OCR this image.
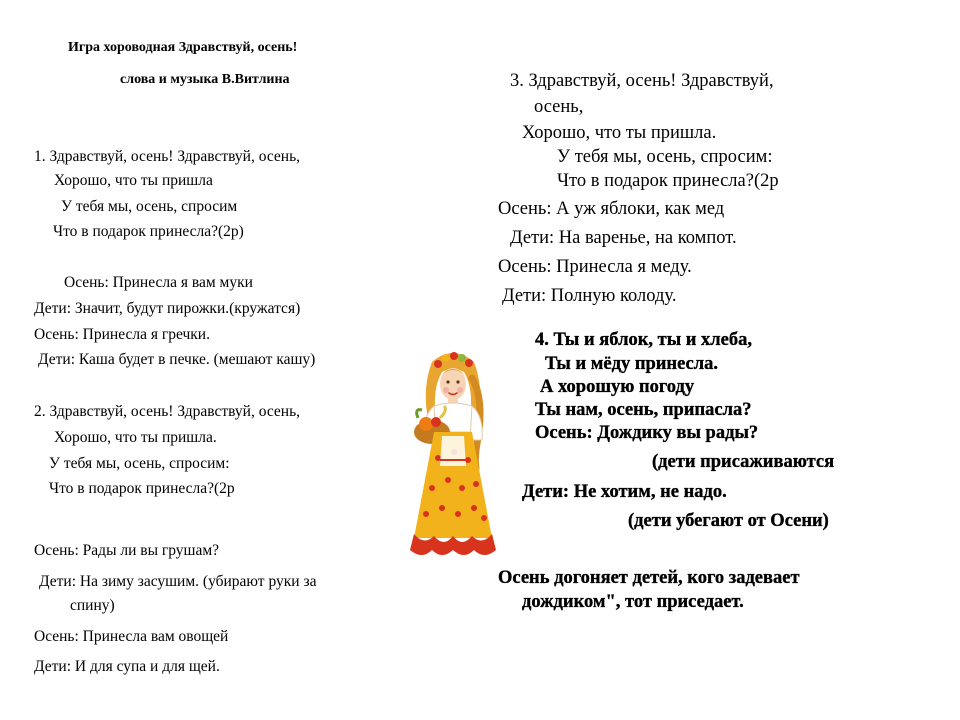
Игра хороводная Здравствуй, осень!
слова и музыка В.Витлина
1. Здравствуй, осень! Здравствуй, осень,
Хорошо, что ты пришла
У тебя мы, осень, спросим
Что в подарок принесла?(2р)
Осень: Принесла я вам муки
Дети: Значит, будут пирожки.(кружатся)
Осень: Принесла я гречки.
Дети: Каша будет в печке. (мешают кашу)
2. Здравствуй, осень! Здравствуй, осень,
Хорошо, что ты пришла.
У тебя мы, осень, спросим:
Что в подарок принесла?(2р
Осень: Рады ли вы грушам?
Дети: На зиму засушим. (убирают руки за
спину)
Осень: Принесла вам овощей
Дети: И для супа и для щей.
3. Здравствуй, осень! Здравствуй,
осень,
Хорошо, что ты пришла.
У тебя мы, осень, спросим:
Что в подарок принесла?(2р
Осень: А уж яблоки, как мед
Дети: На варенье, на компот.
Осень: Принесла я меду.
Дети: Полную колоду.
4. Ты и яблок, ты и хлеба,
Ты и мёду принесла.
А хорошую погоду
Ты нам, осень, припасла?
Осень: Дождику вы рады?
(дети присаживаются
Дети: Не хотим, не надо.
(дети убегают от Осени)
Осень догоняет детей, кого задевает
дождиком", тот приседает.
